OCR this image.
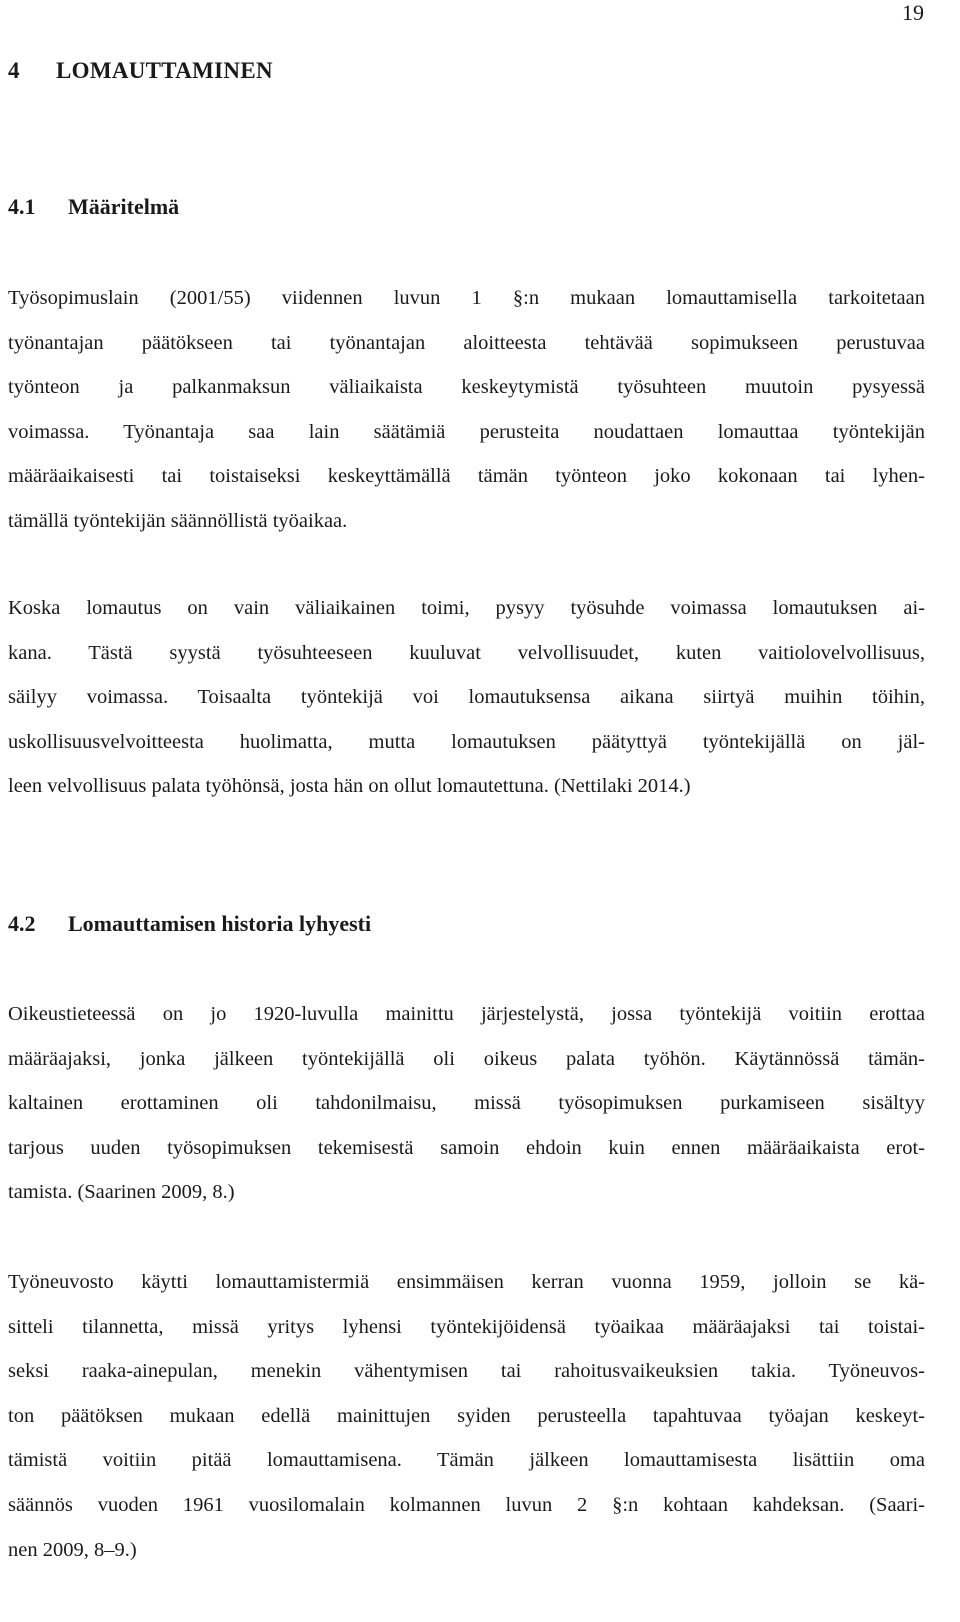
19
4 LOMAUTTAMINEN
4.1 Määritelmä
Työsopimuslain (2001/55) viidennen luvun 1 §:n mukaan lomauttamisella tarkoitetaan
työnantajan päätökseen tai työnantajan aloitteesta tehtävää sopimukseen perustuvaa
työnteon ja palkanmaksun väliaikaista keskeytymistä työsuhteen muutoin pysyessä
voimassa. Työnantaja saa lain säätämiä perusteita noudattaen lomauttaa työntekijän
määräaikaisesti tai toistaiseksi keskeyttämällä tämän työnteon joko kokonaan tai lyhen-
tämällä työntekijän säännöllistä työaikaa.
Koska lomautus on vain väliaikainen toimi, pysyy työsuhde voimassa lomautuksen ai-
kana. Tästä syystä työsuhteeseen kuuluvat velvollisuudet, kuten vaitiolovelvollisuus,
säilyy voimassa. Toisaalta työntekijä voi lomautuksensa aikana siirtyä muihin töihin,
uskollisuusvelvoitteesta huolimatta, mutta lomautuksen päätyttyä työntekijällä on jäl-
leen velvollisuus palata työhönsä, josta hän on ollut lomautettuna. (Nettilaki 2014.)
4.2 Lomauttamisen historia lyhyesti
Oikeustieteessä on jo 1920-luvulla mainittu järjestelystä, jossa työntekijä voitiin erottaa
määräajaksi, jonka jälkeen työntekijällä oli oikeus palata työhön. Käytännössä tämän-
kaltainen erottaminen oli tahdonilmaisu, missä työsopimuksen purkamiseen sisältyy
tarjous uuden työsopimuksen tekemisestä samoin ehdoin kuin ennen määräaikaista erot-
tamista. (Saarinen 2009, 8.)
Työneuvosto käytti lomauttamistermiä ensimmäisen kerran vuonna 1959, jolloin se kä-
sitteli tilannetta, missä yritys lyhensi työntekijöidensä työaikaa määräajaksi tai toistai-
seksi raaka-ainepulan, menekin vähentymisen tai rahoitusvaikeuksien takia. Työneuvos-
ton päätöksen mukaan edellä mainittujen syiden perusteella tapahtuvaa työajan keskeyt-
tämistä voitiin pitää lomauttamisena. Tämän jälkeen lomauttamisesta lisättiin oma
säännös vuoden 1961 vuosilomalain kolmannen luvun 2 §:n kohtaan kahdeksan. (Saari-
nen 2009, 8–9.)
